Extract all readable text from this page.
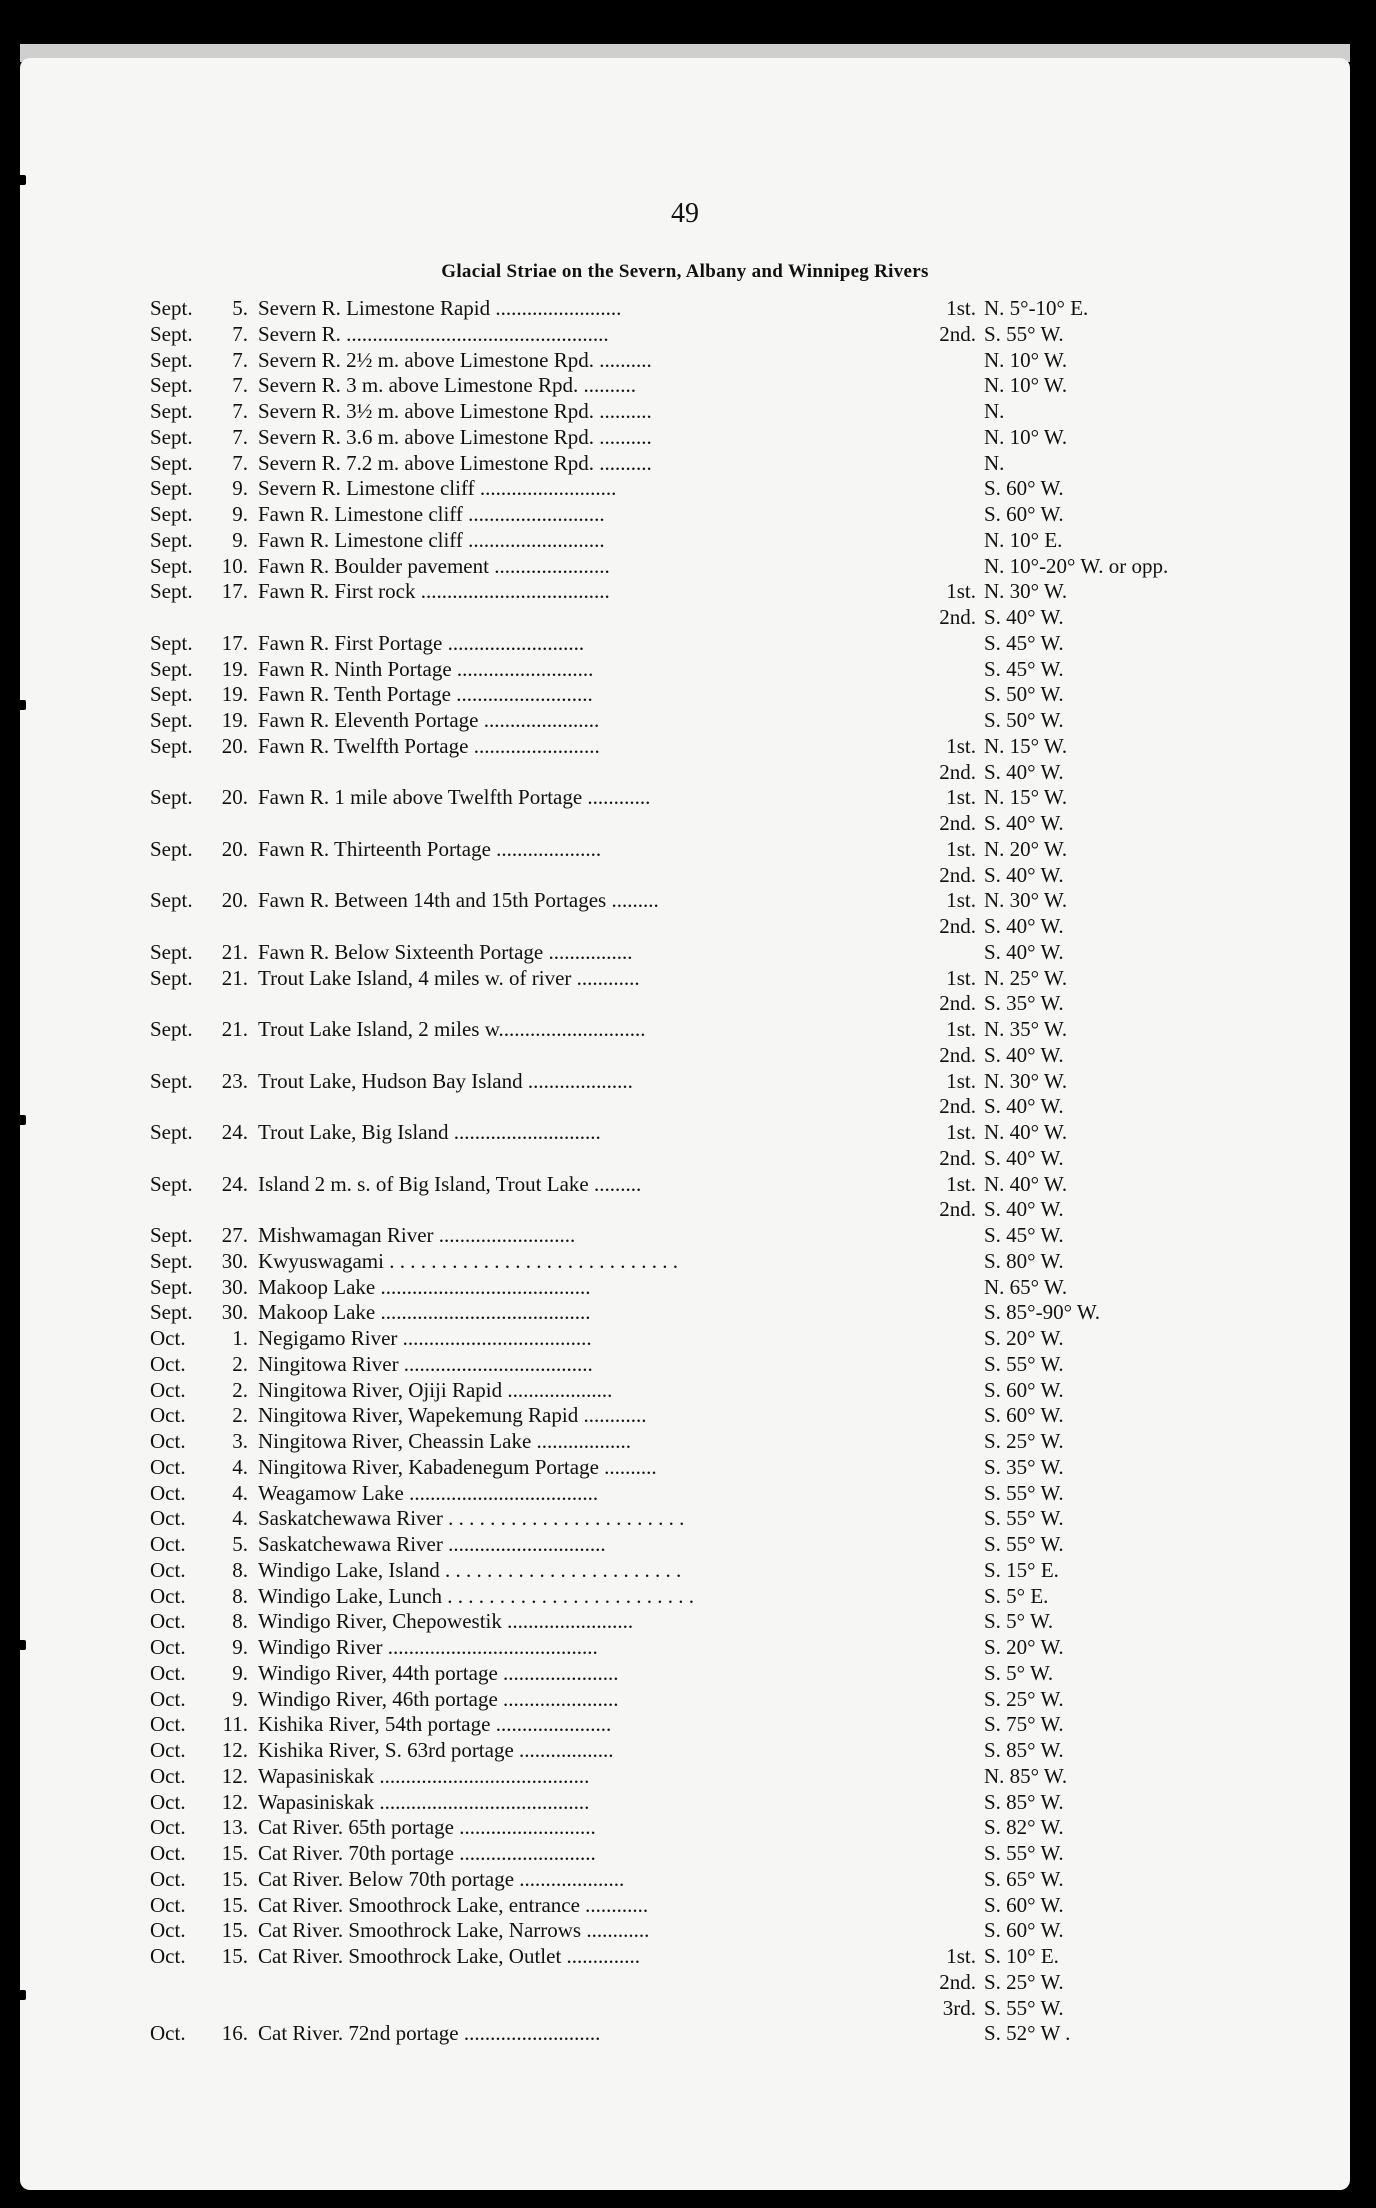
49
Glacial Striae on the Severn, Albany and Winnipeg Rivers
Sept.	5. Severn R. Limestone Rapid ........................	1st. N. 5°-10° E.
Sept.	7. Severn R. ..................................................	2nd. S. 55° W.
Sept.	7. Severn R. 2½ m. above Limestone Rpd. ..........	N. 10° W.
Sept.	7. Severn R. 3 m. above Limestone Rpd. ..........	N. 10° W.
Sept.	7. Severn R. 3½ m. above Limestone Rpd. ..........	N.
Sept.	7. Severn R. 3.6 m. above Limestone Rpd. ..........	N. 10° W.
Sept.	7. Severn R. 7.2 m. above Limestone Rpd. ..........	N.
Sept.	9. Severn R. Limestone cliff ..........................	S. 60° W.
Sept.	9. Fawn R. Limestone cliff ..........................	S. 60° W.
Sept.	9. Fawn R. Limestone cliff ..........................	N. 10° E.
Sept.	10. Fawn R. Boulder pavement ......................	N. 10°-20° W. or opp.
Sept.	17. Fawn R. First rock ....................................	1st. N. 30° W.
2nd. S. 40° W.
Sept.	17. Fawn R. First Portage ..........................	S. 45° W.
Sept.	19. Fawn R. Ninth Portage ..........................	S. 45° W.
Sept.	19. Fawn R. Tenth Portage ..........................	S. 50° W.
Sept.	19. Fawn R. Eleventh Portage ......................	S. 50° W.
Sept.	20. Fawn R. Twelfth Portage ........................	1st. N. 15° W.
2nd. S. 40° W.
Sept.	20. Fawn R. 1 mile above Twelfth Portage ............	1st. N. 15° W.
2nd. S. 40° W.
Sept.	20. Fawn R. Thirteenth Portage ....................	1st. N. 20° W.
2nd. S. 40° W.
Sept.	20. Fawn R. Between 14th and 15th Portages .........	1st. N. 30° W.
2nd. S. 40° W.
Sept.	21. Fawn R. Below Sixteenth Portage ................	S. 40° W.
Sept.	21. Trout Lake Island, 4 miles w. of river ............	1st. N. 25° W.
2nd. S. 35° W.
Sept.	21. Trout Lake Island, 2 miles w............................	1st. N. 35° W.
2nd. S. 40° W.
Sept.	23. Trout Lake, Hudson Bay Island ....................	1st. N. 30° W.
2nd. S. 40° W.
Sept.	24. Trout Lake, Big Island ............................	1st. N. 40° W.
2nd. S. 40° W.
Sept.	24. Island 2 m. s. of Big Island, Trout Lake .........	1st. N. 40° W.
2nd. S. 40° W.
Sept.	27. Mishwamagan River ..........................	S. 45° W.
Sept.	30. Kwyuswagami . . . . . . . . . . . . . . . . . . . . . . . . . . . .	S. 80° W.
Sept.	30. Makoop Lake ........................................	N. 65° W.
Sept.	30. Makoop Lake ........................................	S. 85°-90° W.
Oct.	1. Negigamo River ....................................	S. 20° W.
Oct.	2. Ningitowa River ....................................	S. 55° W.
Oct.	2. Ningitowa River, Ojiji Rapid ....................	S. 60° W.
Oct.	2. Ningitowa River, Wapekemung Rapid ............	S. 60° W.
Oct.	3. Ningitowa River, Cheassin Lake ..................	S. 25° W.
Oct.	4. Ningitowa River, Kabadenegum Portage ..........	S. 35° W.
Oct.	4. Weagamow Lake ....................................	S. 55° W.
Oct.	4. Saskatchewawa River . . . . . . . . . . . . . . . . . . . . . . .	S. 55° W.
Oct.	5. Saskatchewawa River ..............................	S. 55° W.
Oct.	8. Windigo Lake, Island . . . . . . . . . . . . . . . . . . . . . . .	S. 15° E.
Oct.	8. Windigo Lake, Lunch . . . . . . . . . . . . . . . . . . . . . . . .	S. 5° E.
Oct.	8. Windigo River, Chepowestik ........................	S. 5° W.
Oct.	9. Windigo River ........................................	S. 20° W.
Oct.	9. Windigo River, 44th portage ......................	S. 5° W.
Oct.	9. Windigo River, 46th portage ......................	S. 25° W.
Oct.	11. Kishika River, 54th portage ......................	S. 75° W.
Oct.	12. Kishika River, S. 63rd portage ..................	S. 85° W.
Oct.	12. Wapasiniskak ........................................	N. 85° W.
Oct.	12. Wapasiniskak ........................................	S. 85° W.
Oct.	13. Cat River. 65th portage ..........................	S. 82° W.
Oct.	15. Cat River. 70th portage ..........................	S. 55° W.
Oct.	15. Cat River. Below 70th portage ....................	S. 65° W.
Oct.	15. Cat River. Smoothrock Lake, entrance ............	S. 60° W.
Oct.	15. Cat River. Smoothrock Lake, Narrows ............	S. 60° W.
Oct.	15. Cat River. Smoothrock Lake, Outlet ..............	1st. S. 10° E.
2nd. S. 25° W.
3rd. S. 55° W.
Oct.	16. Cat River. 72nd portage ..........................	S. 52° W .
